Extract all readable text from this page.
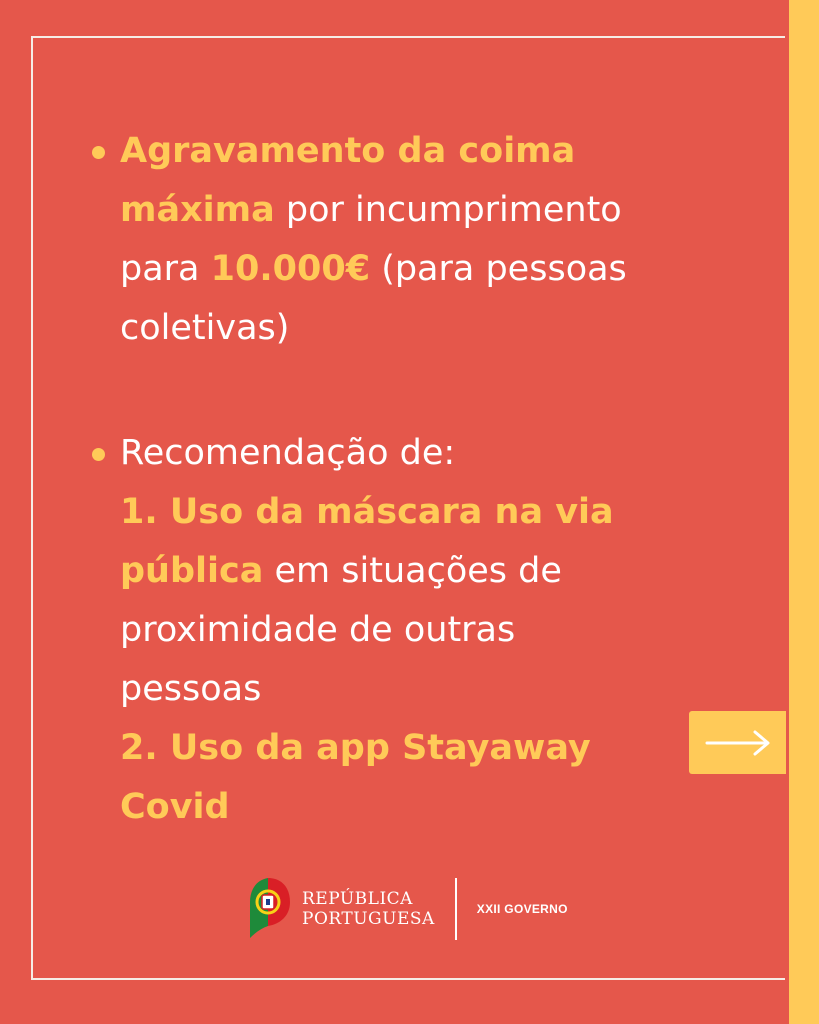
Agravamento da coima
máxima por incumprimento
para 10.000€ (para pessoas
coletivas)
Recomendação de:
1. Uso da máscara na via
pública em situações de
proximidade de outras
pessoas
2. Uso da app Stayaway
Covid
REPÚBLICA
PORTUGUESA	XXII GOVERNO
